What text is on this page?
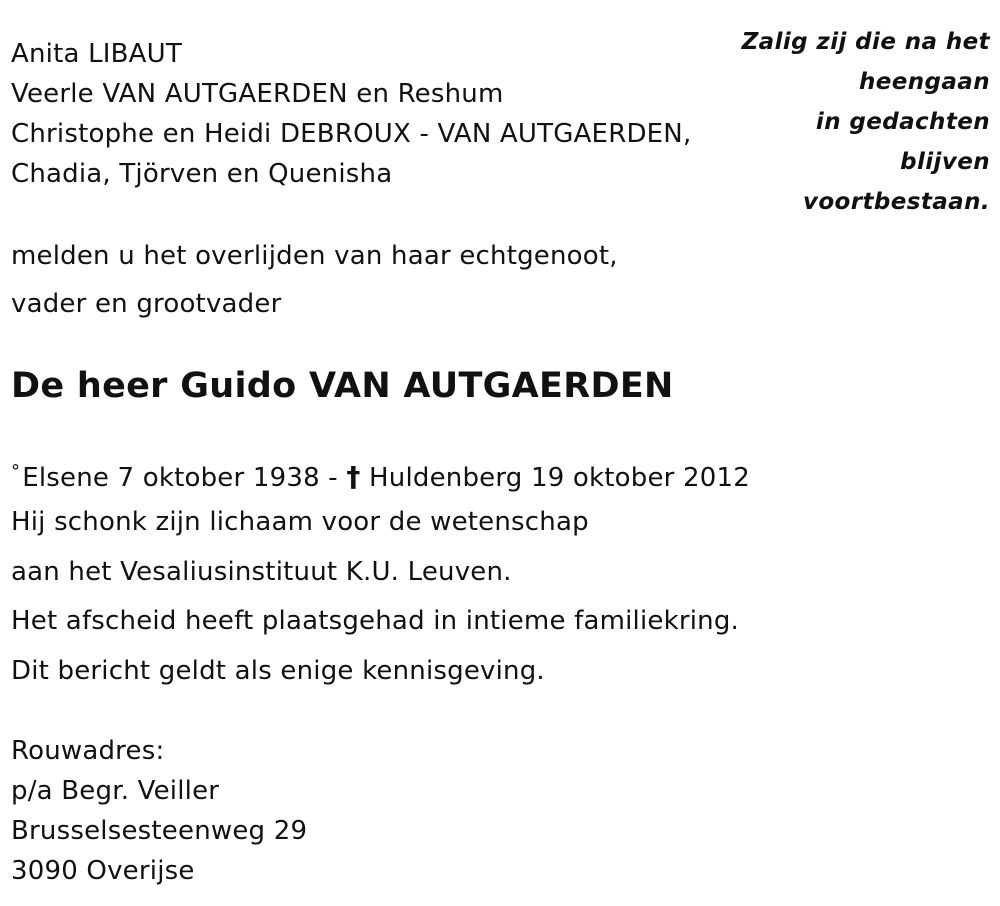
Anita LIBAUT
Veerle VAN AUTGAERDEN en Reshum
Christophe en Heidi DEBROUX - VAN AUTGAERDEN,
Chadia, Tjörven en Quenisha
Zalig zij die na het
heengaan
in gedachten
blijven
voortbestaan.
melden u het overlijden van haar echtgenoot,
vader en grootvader
De heer Guido VAN AUTGAERDEN
°Elsene 7 oktober 1938 - † Huldenberg 19 oktober 2012
Hij schonk zijn lichaam voor de wetenschap
aan het Vesaliusinstituut K.U. Leuven.
Het afscheid heeft plaatsgehad in intieme familiekring.
Dit bericht geldt als enige kennisgeving.
Rouwadres:
p/a Begr. Veiller
Brusselsesteenweg 29
3090 Overijse
